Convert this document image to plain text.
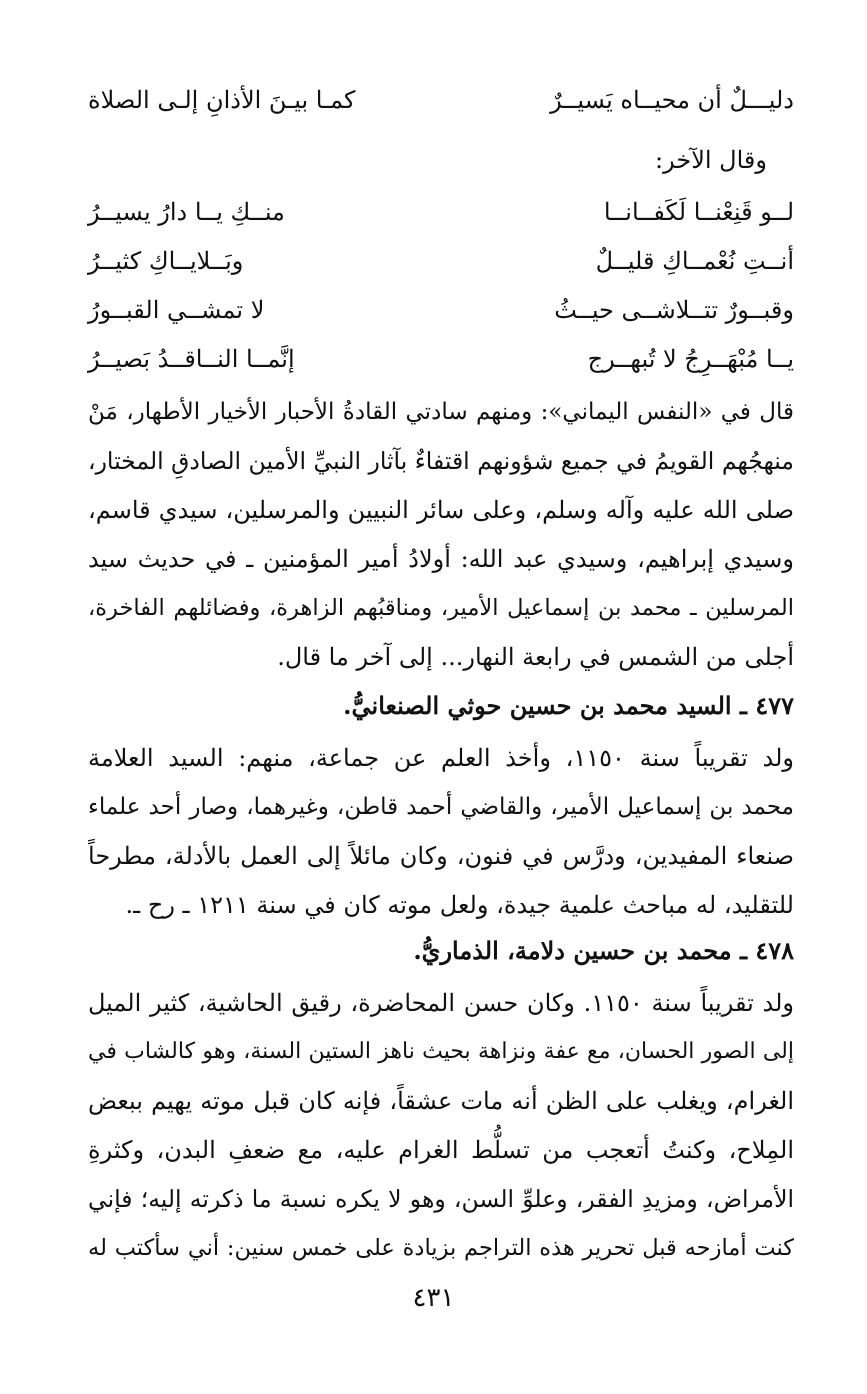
دليـــلٌ أن محيــاه يَسيــرٌ
كمـا بيـنَ الأذانِ إلـى الصلاة
وقال الآخر:
لــو قَنِعْنــا لَكَفــانــا
منــكِ يــا دارُ يسيــرُ
أنــتِ نُعْمــاكِ قليــلٌ
وبَــلايــاكِ كثيــرُ
وقبــورٌ تتــلاشــى حيــثُ
لا تمشــي القبــورُ
يــا مُبْهَــرِجُ لا تُبهــرج
إنَّمــا النــاقــدُ بَصيــرُ
قال في «النفس اليماني»: ومنهم سادتي القادةُ الأحبار الأخيار الأطهار، مَنْ
منهجُهم القويمُ في جميع شؤونهم اقتفاءٌ بآثار النبيِّ الأمين الصادقِ المختار،
صلى الله عليه وآله وسلم، وعلى سائر النبيين والمرسلين، سيدي قاسم،
وسيدي إبراهيم، وسيدي عبد الله: أولادُ أمير المؤمنين ـ في حديث سيد
المرسلين ـ محمد بن إسماعيل الأمير، ومناقبُهم الزاهرة، وفضائلهم الفاخرة،
أجلى من الشمس في رابعة النهار... إلى آخر ما قال.
٤٧٧ ـ السيد محمد بن حسين حوثي الصنعانيُّ.
ولد تقريباً سنة ١١٥٠، وأخذ العلم عن جماعة، منهم: السيد العلامة
محمد بن إسماعيل الأمير، والقاضي أحمد قاطن، وغيرهما، وصار أحد علماء
صنعاء المفيدين، ودرَّس في فنون، وكان مائلاً إلى العمل بالأدلة، مطرحاً
للتقليد، له مباحث علمية جيدة، ولعل موته كان في سنة ١٢١١ ـ رح ـ.
٤٧٨ ـ محمد بن حسين دلامة، الذماريُّ.
ولد تقريباً سنة ١١٥٠. وكان حسن المحاضرة، رقيق الحاشية، كثير الميل
إلى الصور الحسان، مع عفة ونزاهة بحيث ناهز الستين السنة، وهو كالشاب في
الغرام، ويغلب على الظن أنه مات عشقاً، فإنه كان قبل موته يهيم ببعض
المِلاح، وكنتُ أتعجب من تسلُّط الغرام عليه، مع ضعفِ البدن، وكثرةِ
الأمراض، ومزيدِ الفقر، وعلوِّ السن، وهو لا يكره نسبة ما ذكرته إليه؛ فإني
كنت أمازحه قبل تحرير هذه التراجم بزيادة على خمس سنين: أني سأكتب له
٤٣١
